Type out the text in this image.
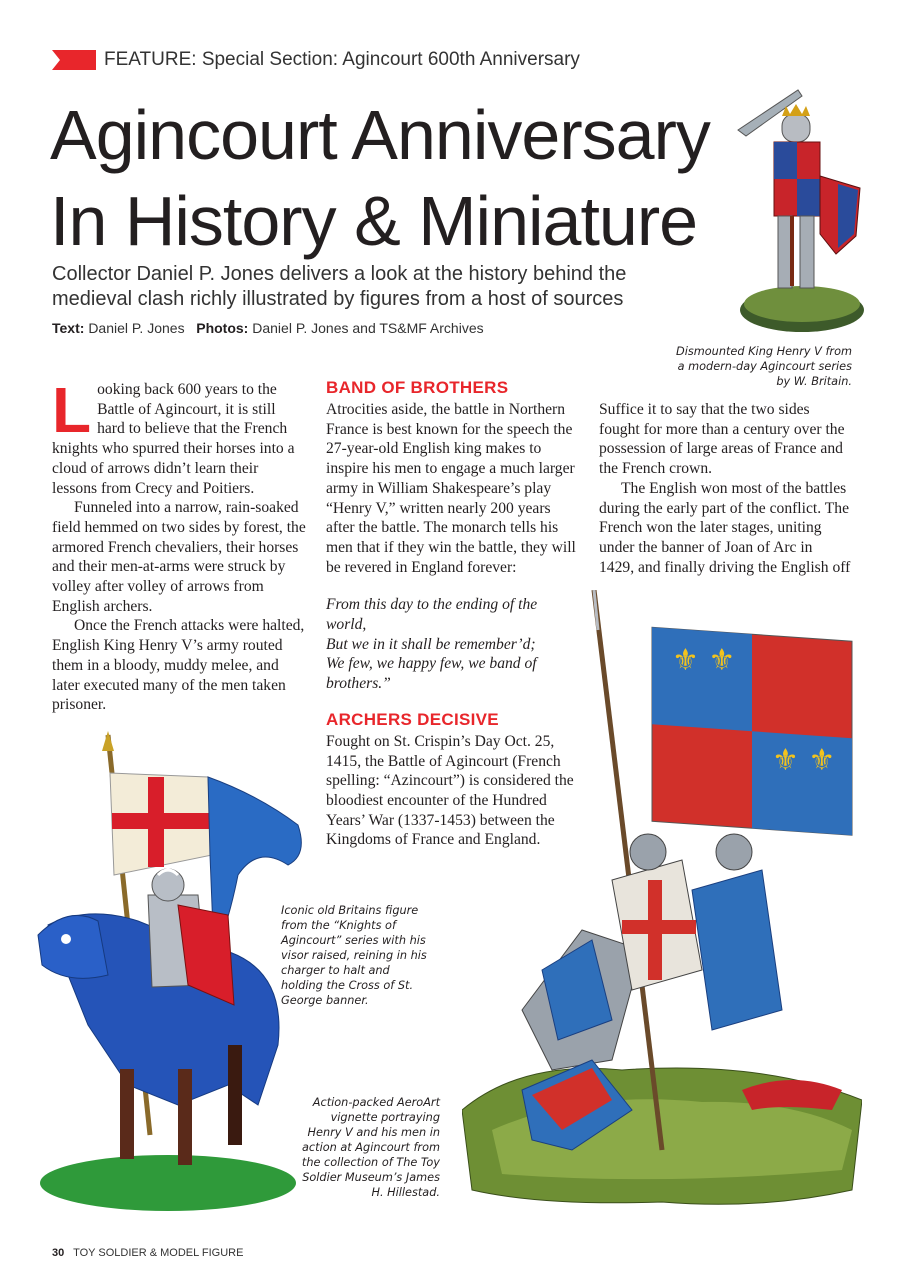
FEATURE: Special Section: Agincourt 600th Anniversary
Agincourt Anniversary
In History & Miniature

Collector Daniel P. Jones delivers a look at the history behind the
medieval clash richly illustrated by figures from a host of sources

Text: Daniel P. Jones Photos: Daniel P. Jones and TS&MF Archives
L ooking back 600 years to the Battle of Agincourt, it is still hard to believe that the French knights who spurred their horses into a cloud of arrows didn’t learn their lessons from Crecy and Poitiers.

Funneled into a narrow, rain-soaked field hemmed on two sides by forest, the armored French chevaliers, their horses and their men-at-arms were struck by volley after volley of arrows from English archers.

Once the French attacks were halted, English King Henry V’s army routed them in a bloody, muddy melee, and later executed many of the men taken prisoner.

BAND OF BROTHERS

Atrocities aside, the battle in Northern France is best known for the speech the 27-year-old English king makes to inspire his men to engage a much larger army in William Shakespeare’s play “Henry V,” written nearly 200 years after the battle. The monarch tells his men that if they win the battle, they will be revered in England forever:

From this day to the ending of the world,
But we in it shall be remember’d;
We few, we happy few, we band of brothers.”

ARCHERS DECISIVE

Fought on St. Crispin’s Day Oct. 25, 1415, the Battle of Agincourt (French spelling: “Azincourt”) is considered the bloodiest encounter of the Hundred Years’ War (1337-1453) between the Kingdoms of France and England.

Suffice it to say that the two sides fought for more than a century over the possession of large areas of France and the French crown.

The English won most of the battles during the early part of the conflict. The French won the later stages, uniting under the banner of Joan of Arc in 1429, and finally driving the English off

Dismounted King Henry V from a modern-day Agincourt series by W. Britain.
Iconic old Britains figure from the “Knights of Agincourt” series with his visor raised, reining in his charger to halt and holding the Cross of St. George banner.
⚜ ⚜
⚜ ⚜
Action-packed AeroArt vignette portraying Henry V and his men in action at Agincourt from the collection of The Toy Soldier Museum’s James H. Hillestad.
30 TOY SOLDIER & MODEL FIGURE
